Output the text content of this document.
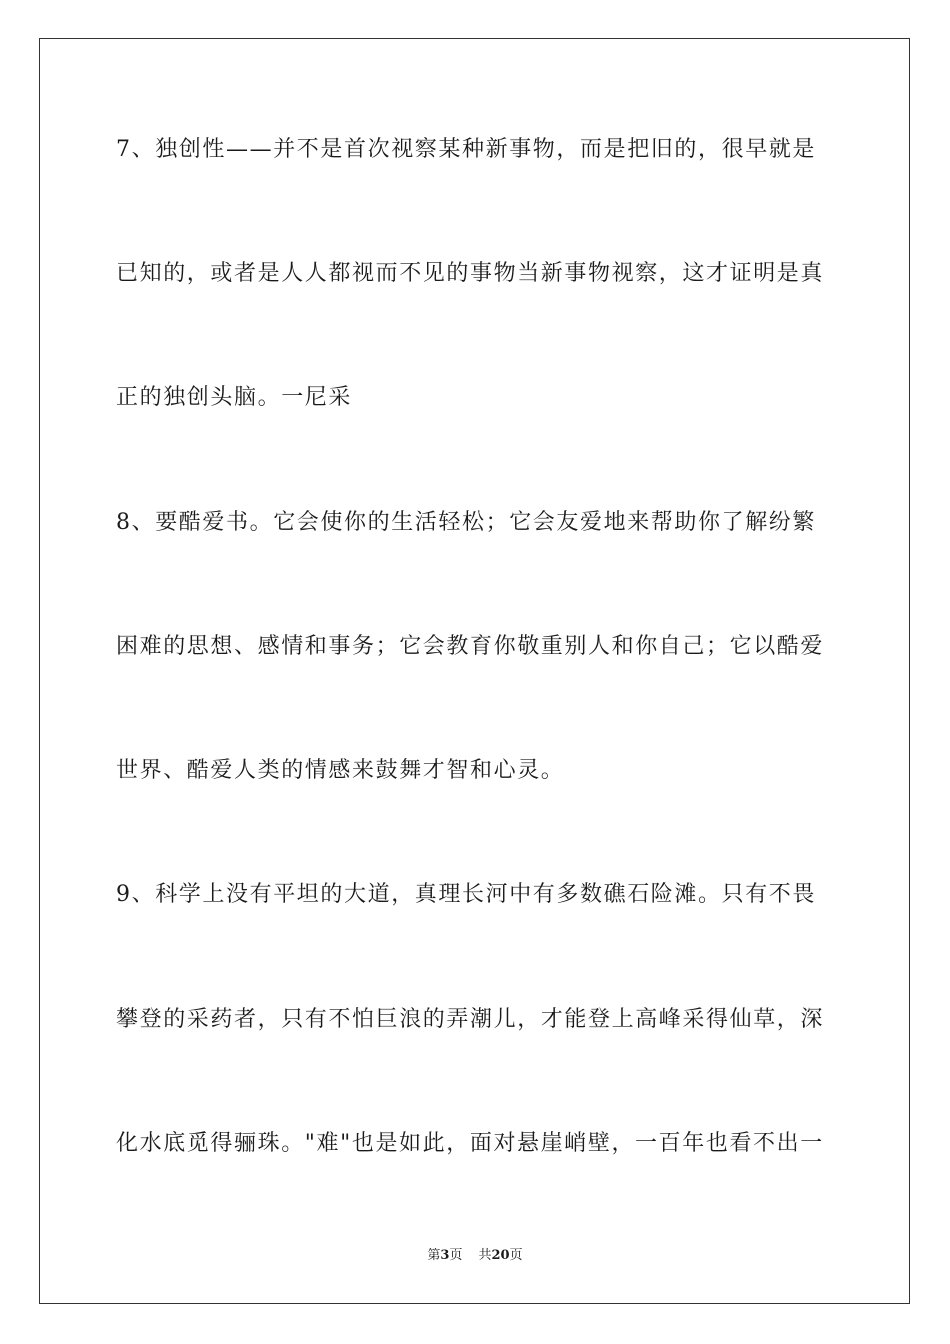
7、独创性——并不是首次视察某种新事物，而是把旧的，很早就是

已知的，或者是人人都视而不见的事物当新事物视察，这才证明是真

正的独创头脑。一尼采

8、要酷爱书。它会使你的生活轻松；它会友爱地来帮助你了解纷繁

困难的思想、感情和事务；它会教育你敬重别人和你自己；它以酷爱

世界、酷爱人类的情感来鼓舞才智和心灵。

9、科学上没有平坦的大道，真理长河中有多数礁石险滩。只有不畏

攀登的采药者，只有不怕巨浪的弄潮儿，才能登上高峰采得仙草，深

化水底觅得骊珠。"难"也是如此，面对悬崖峭壁，一百年也看不出一

第3页 共20页
